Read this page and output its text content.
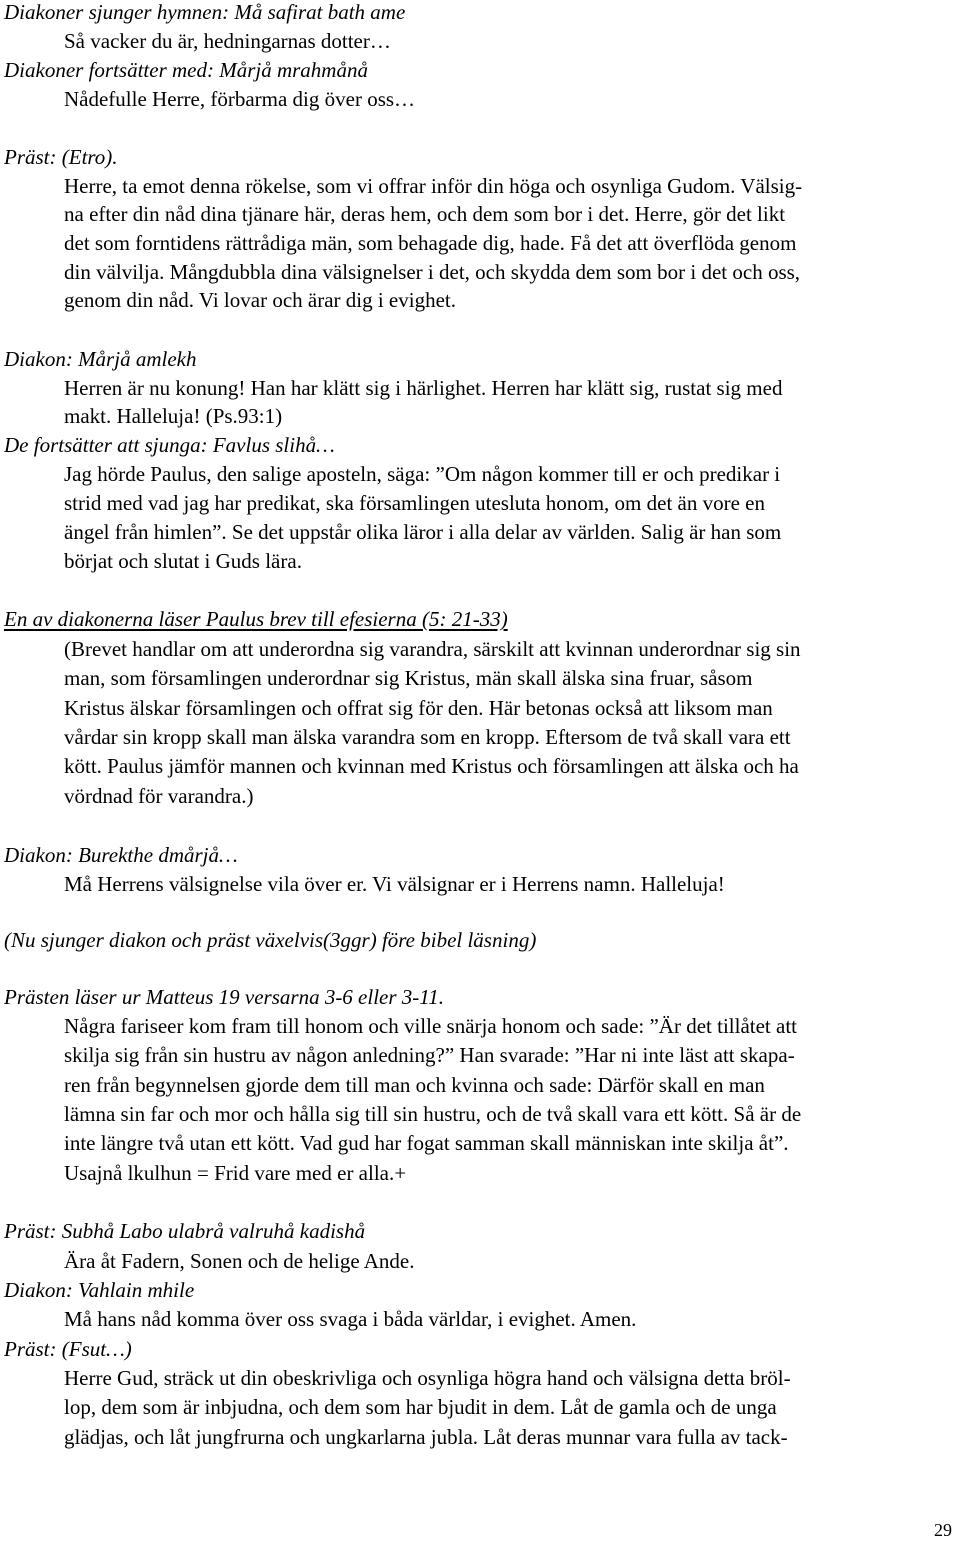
Diakoner sjunger hymnen: Må safirat bath ame
Så vacker du är, hedningarnas dotter…
Diakoner fortsätter med: Mårjå mrahmånå
Nådefulle Herre, förbarma dig över oss…
Präst: (Etro).
Herre, ta emot denna rökelse, som vi offrar inför din höga och osynliga Gudom. Välsig-
na efter din nåd dina tjänare här, deras hem, och dem som bor i det. Herre, gör det likt
det som forntidens rättrådiga män, som behagade dig, hade. Få det att överflöda genom
din välvilja. Mångdubbla dina välsignelser i det, och skydda dem som bor i det och oss,
genom din nåd. Vi lovar och ärar dig i evighet.
Diakon: Mårjå amlekh
Herren är nu konung! Han har klätt sig i härlighet. Herren har klätt sig, rustat sig med
makt. Halleluja! (Ps.93:1)
De fortsätter att sjunga: Favlus slihå…
Jag hörde Paulus, den salige aposteln, säga: ”Om någon kommer till er och predikar i
strid med vad jag har predikat, ska församlingen utesluta honom, om det än vore en
ängel från himlen”. Se det uppstår olika läror i alla delar av världen. Salig är han som
börjat och slutat i Guds lära.
En av diakonerna läser Paulus brev till efesierna (5: 21-33)
(Brevet handlar om att underordna sig varandra, särskilt att kvinnan underordnar sig sin
man, som församlingen underordnar sig Kristus, män skall älska sina fruar, såsom
Kristus älskar församlingen och offrat sig för den. Här betonas också att liksom man
vårdar sin kropp skall man älska varandra som en kropp. Eftersom de två skall vara ett
kött. Paulus jämför mannen och kvinnan med Kristus och församlingen att älska och ha
vördnad för varandra.)
Diakon: Burekthe dmårjå…
Må Herrens välsignelse vila över er. Vi välsignar er i Herrens namn. Halleluja!
(Nu sjunger diakon och präst växelvis(3ggr) före bibel läsning)
Prästen läser ur Matteus 19 versarna 3-6 eller 3-11.
Några fariseer kom fram till honom och ville snärja honom och sade: ”Är det tillåtet att
skilja sig från sin hustru av någon anledning?” Han svarade: ”Har ni inte läst att skapa-
ren från begynnelsen gjorde dem till man och kvinna och sade: Därför skall en man
lämna sin far och mor och hålla sig till sin hustru, och de två skall vara ett kött. Så är de
inte längre två utan ett kött. Vad gud har fogat samman skall människan inte skilja åt”.
Usajnå lkulhun = Frid vare med er alla.+
Präst: Subhå Labo ulabrå valruhå kadishå
Ära åt Fadern, Sonen och de helige Ande.
Diakon: Vahlain mhile
Må hans nåd komma över oss svaga i båda världar, i evighet. Amen.
Präst: (Fsut…)
Herre Gud, sträck ut din obeskrivliga och osynliga högra hand och välsigna detta bröl-
lop, dem som är inbjudna, och dem som har bjudit in dem. Låt de gamla och de unga
glädjas, och låt jungfrurna och ungkarlarna jubla. Låt deras munnar vara fulla av tack-
29
